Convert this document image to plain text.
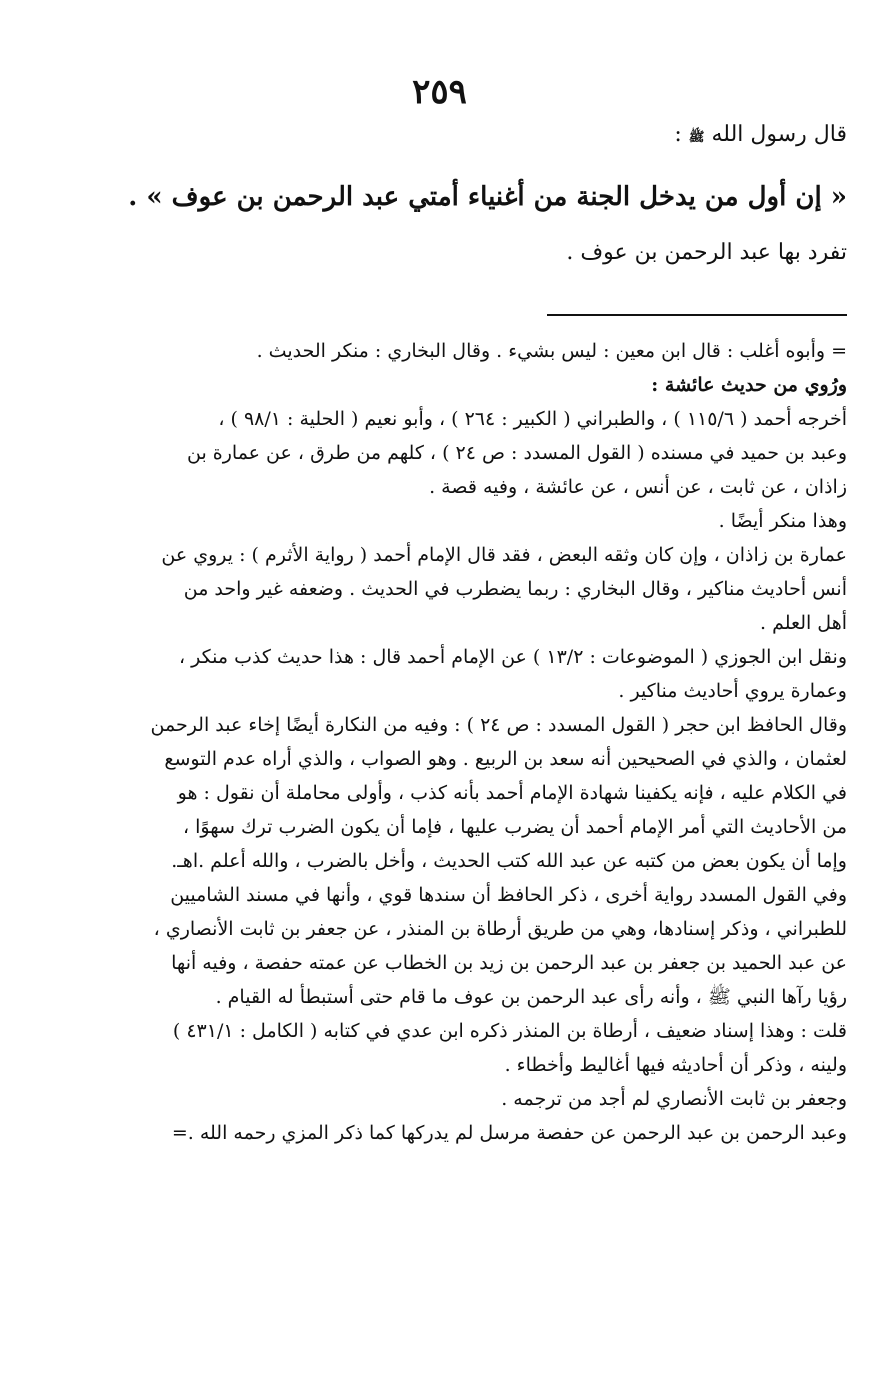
٢٥٩
قال رسول الله ﷺ :
« إن أول من يدخل الجنة من أغنياء أمتي عبد الرحمن بن عوف » .
تفرد بها عبد الرحمن بن عوف .
= وأبوه أغلب : قال ابن معين : ليس بشيء . وقال البخاري : منكر الحديث .
ورُوي من حديث عائشة :
أخرجه أحمد ( ١١٥/٦ ) ، والطبراني ( الكبير : ٢٦٤ ) ، وأبو نعيم ( الحلية : ٩٨/١ ) ،
وعبد بن حميد في مسنده ( القول المسدد : ص ٢٤ ) ، كلهم من طرق ، عن عمارة بن
زاذان ، عن ثابت ، عن أنس ، عن عائشة ، وفيه قصة .
وهذا منكر أيضًا .
عمارة بن زاذان ، وإن كان وثقه البعض ، فقد قال الإمام أحمد ( رواية الأثرم ) : يروي عن
أنس أحاديث مناكير ، وقال البخاري : ربما يضطرب في الحديث . وضعفه غير واحد من
أهل العلم .
ونقل ابن الجوزي ( الموضوعات : ١٣/٢ ) عن الإمام أحمد قال : هذا حديث كذب منكر ،
وعمارة يروي أحاديث مناكير .
وقال الحافظ ابن حجر ( القول المسدد : ص ٢٤ ) : وفيه من النكارة أيضًا إخاء عبد الرحمن
لعثمان ، والذي في الصحيحين أنه سعد بن الربيع . وهو الصواب ، والذي أراه عدم التوسع
في الكلام عليه ، فإنه يكفينا شهادة الإمام أحمد بأنه كذب ، وأولى محاملة أن نقول : هو
من الأحاديث التي أمر الإمام أحمد أن يضرب عليها ، فإما أن يكون الضرب ترك سهوًا ،
وإما أن يكون بعض من كتبه عن عبد الله كتب الحديث ، وأخل بالضرب ، والله أعلم .اهـ.
وفي القول المسدد رواية أخرى ، ذكر الحافظ أن سندها قوي ، وأنها في مسند الشاميين
للطبراني ، وذكر إسنادها، وهي من طريق أرطاة بن المنذر ، عن جعفر بن ثابت الأنصاري ،
عن عبد الحميد بن جعفر بن عبد الرحمن بن زيد بن الخطاب عن عمته حفصة ، وفيه أنها
رؤيا رآها النبي ﷺ ، وأنه رأى عبد الرحمن بن عوف ما قام حتى أستبطأ له القيام .
قلت : وهذا إسناد ضعيف ، أرطاة بن المنذر ذكره ابن عدي في كتابه ( الكامل : ٤٣١/١ )
ولينه ، وذكر أن أحاديثه فيها أغاليط وأخطاء .
وجعفر بن ثابت الأنصاري لم أجد من ترجمه .
وعبد الرحمن بن عبد الرحمن عن حفصة مرسل لم يدركها كما ذكر المزي رحمه الله .=
